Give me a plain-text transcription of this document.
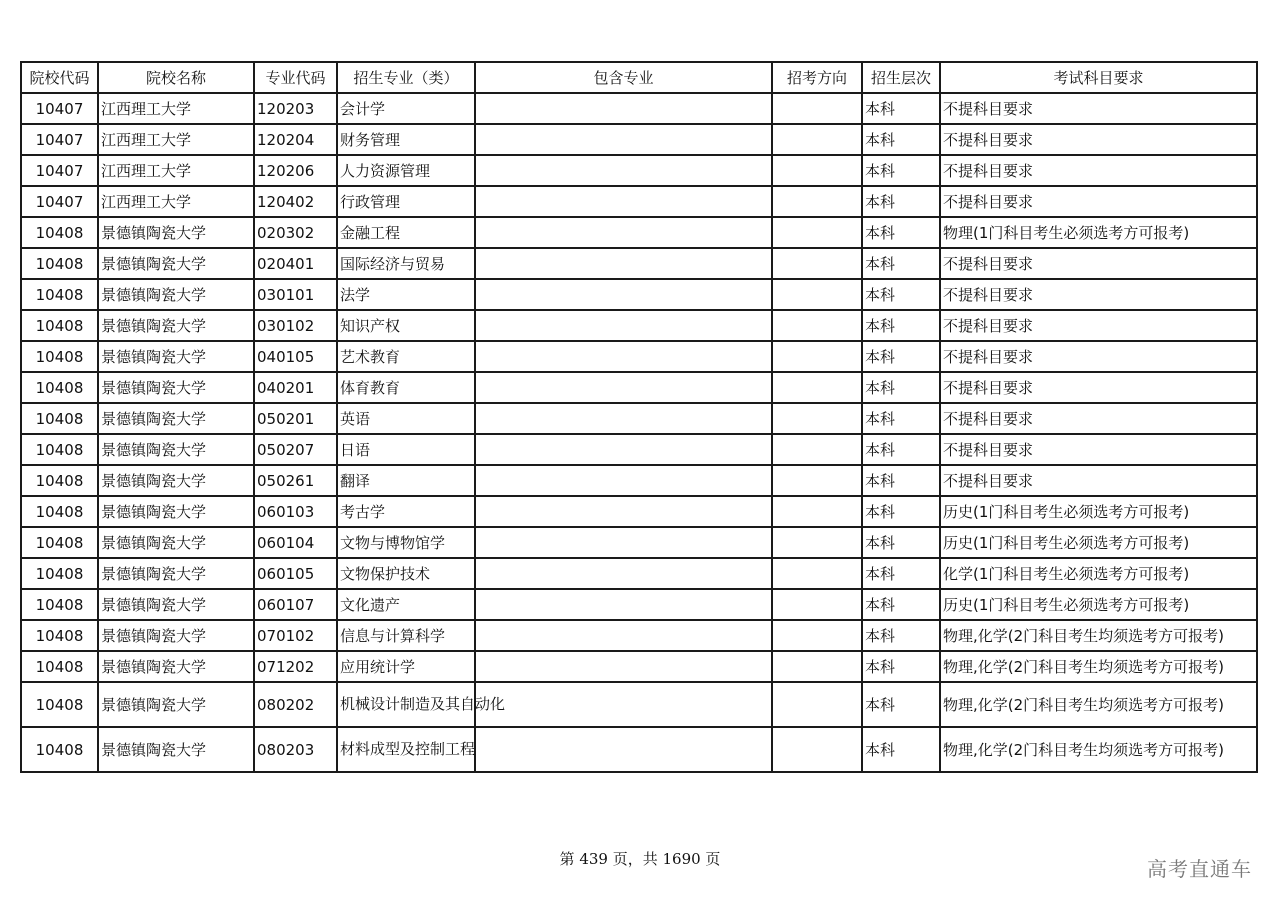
院校代码	院校名称	专业代码	招生专业（类）	包含专业	招考方向	招生层次	考试科目要求
10407	江西理工大学	120203	会计学			本科	不提科目要求
10407	江西理工大学	120204	财务管理			本科	不提科目要求
10407	江西理工大学	120206	人力资源管理			本科	不提科目要求
10407	江西理工大学	120402	行政管理			本科	不提科目要求
10408	景德镇陶瓷大学	020302	金融工程			本科	物理(1门科目考生必须选考方可报考)
10408	景德镇陶瓷大学	020401	国际经济与贸易			本科	不提科目要求
10408	景德镇陶瓷大学	030101	法学			本科	不提科目要求
10408	景德镇陶瓷大学	030102	知识产权			本科	不提科目要求
10408	景德镇陶瓷大学	040105	艺术教育			本科	不提科目要求
10408	景德镇陶瓷大学	040201	体育教育			本科	不提科目要求
10408	景德镇陶瓷大学	050201	英语			本科	不提科目要求
10408	景德镇陶瓷大学	050207	日语			本科	不提科目要求
10408	景德镇陶瓷大学	050261	翻译			本科	不提科目要求
10408	景德镇陶瓷大学	060103	考古学			本科	历史(1门科目考生必须选考方可报考)
10408	景德镇陶瓷大学	060104	文物与博物馆学			本科	历史(1门科目考生必须选考方可报考)
10408	景德镇陶瓷大学	060105	文物保护技术			本科	化学(1门科目考生必须选考方可报考)
10408	景德镇陶瓷大学	060107	文化遗产			本科	历史(1门科目考生必须选考方可报考)
10408	景德镇陶瓷大学	070102	信息与计算科学			本科	物理,化学(2门科目考生均须选考方可报考)
10408	景德镇陶瓷大学	071202	应用统计学			本科	物理,化学(2门科目考生均须选考方可报考)
10408	景德镇陶瓷大学	080202	机械设计制造及其自动化			本科	物理,化学(2门科目考生均须选考方可报考)
10408	景德镇陶瓷大学	080203	材料成型及控制工程			本科	物理,化学(2门科目考生均须选考方可报考)
第 439 页，共 1690 页	高考直通车
